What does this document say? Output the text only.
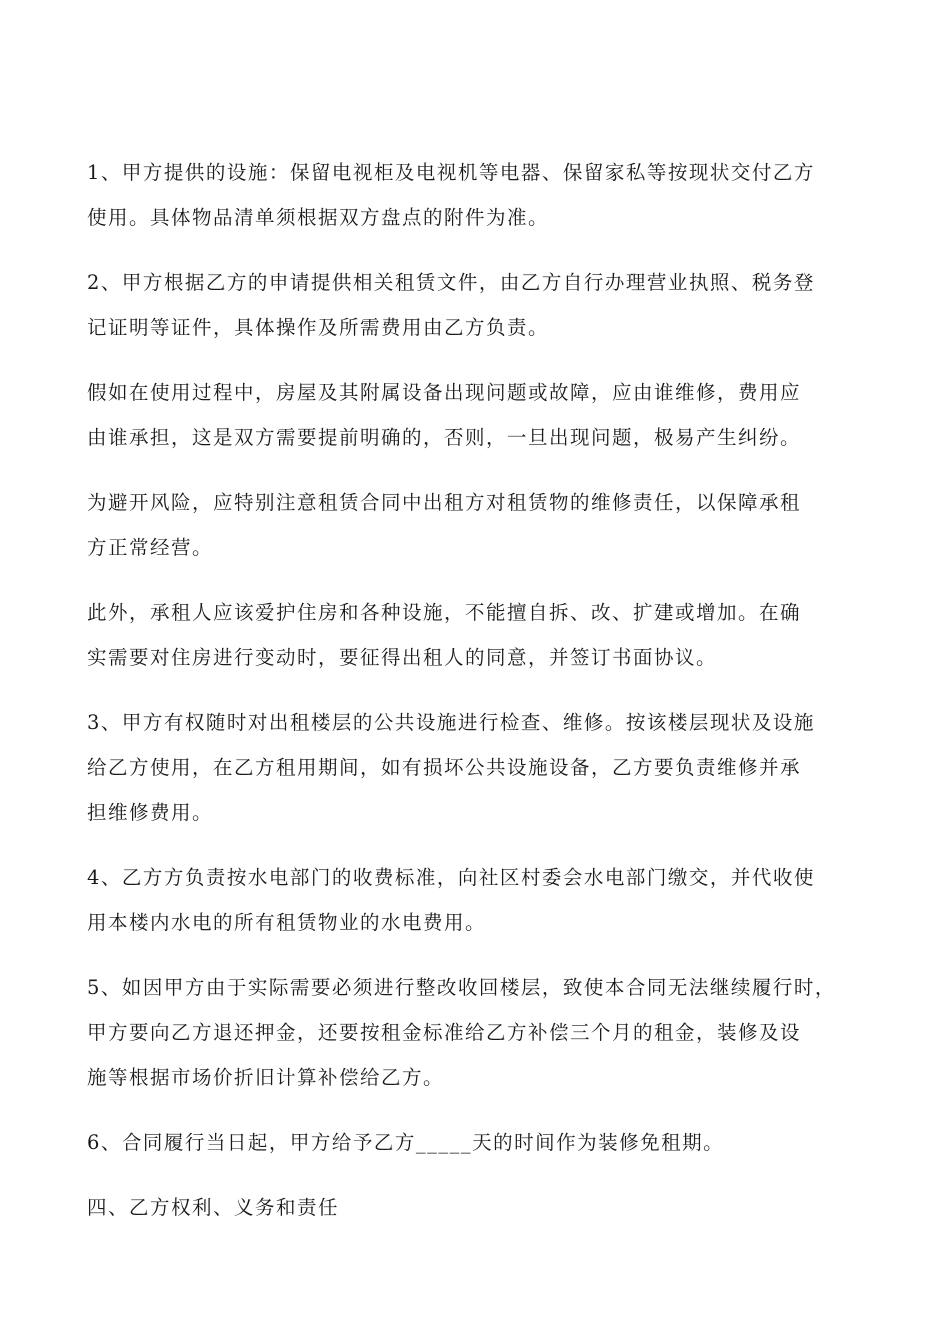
1、甲方提供的设施：保留电视柜及电视机等电器、保留家私等按现状交付乙方
使用。具体物品清单须根据双方盘点的附件为准。

2、甲方根据乙方的申请提供相关租赁文件，由乙方自行办理营业执照、税务登
记证明等证件，具体操作及所需费用由乙方负责。

假如在使用过程中，房屋及其附属设备出现问题或故障，应由谁维修，费用应
由谁承担，这是双方需要提前明确的，否则，一旦出现问题，极易产生纠纷。

为避开风险，应特别注意租赁合同中出租方对租赁物的维修责任，以保障承租
方正常经营。

此外，承租人应该爱护住房和各种设施，不能擅自拆、改、扩建或增加。在确
实需要对住房进行变动时，要征得出租人的同意，并签订书面协议。

3、甲方有权随时对出租楼层的公共设施进行检查、维修。按该楼层现状及设施
给乙方使用，在乙方租用期间，如有损坏公共设施设备，乙方要负责维修并承
担维修费用。

4、乙方方负责按水电部门的收费标准，向社区村委会水电部门缴交，并代收使
用本楼内水电的所有租赁物业的水电费用。

5、如因甲方由于实际需要必须进行整改收回楼层，致使本合同无法继续履行时，
甲方要向乙方退还押金，还要按租金标准给乙方补偿三个月的租金，装修及设
施等根据市场价折旧计算补偿给乙方。

6、合同履行当日起，甲方给予乙方_____天的时间作为装修免租期。

四、乙方权利、义务和责任
